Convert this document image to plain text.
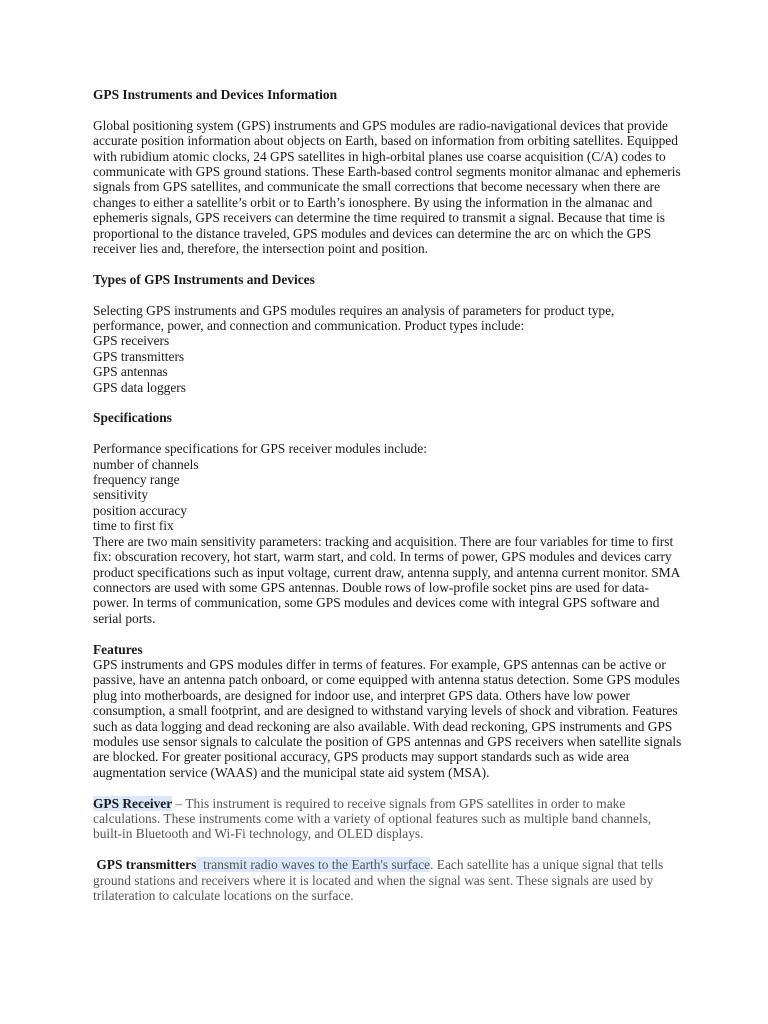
GPS Instruments and Devices Information

Global positioning system (GPS) instruments and GPS modules are radio-navigational devices that provide accurate position information about objects on Earth, based on information from orbiting satellites. Equipped with rubidium atomic clocks, 24 GPS satellites in high-orbital planes use coarse acquisition (C/A) codes to communicate with GPS ground stations. These Earth-based control segments monitor almanac and ephemeris signals from GPS satellites, and communicate the small corrections that become necessary when there are changes to either a satellite’s orbit or to Earth’s ionosphere. By using the information in the almanac and ephemeris signals, GPS receivers can determine the time required to transmit a signal. Because that time is proportional to the distance traveled, GPS modules and devices can determine the arc on which the GPS receiver lies and, therefore, the intersection point and position.

Types of GPS Instruments and Devices

Selecting GPS instruments and GPS modules requires an analysis of parameters for product type, performance, power, and connection and communication. Product types include:

GPS receivers

GPS transmitters

GPS antennas

GPS data loggers

Specifications

Performance specifications for GPS receiver modules include:

number of channels

frequency range

sensitivity

position accuracy

time to first fix

There are two main sensitivity parameters: tracking and acquisition. There are four variables for time to first fix: obscuration recovery, hot start, warm start, and cold. In terms of power, GPS modules and devices carry product specifications such as input voltage, current draw, antenna supply, and antenna current monitor. SMA connectors are used with some GPS antennas. Double rows of low-profile socket pins are used for data-power. In terms of communication, some GPS modules and devices come with integral GPS software and serial ports.

Features

GPS instruments and GPS modules differ in terms of features. For example, GPS antennas can be active or passive, have an antenna patch onboard, or come equipped with antenna status detection. Some GPS modules plug into motherboards, are designed for indoor use, and interpret GPS data. Others have low power consumption, a small footprint, and are designed to withstand varying levels of shock and vibration. Features such as data logging and dead reckoning are also available. With dead reckoning, GPS instruments and GPS modules use sensor signals to calculate the position of GPS antennas and GPS receivers when satellite signals are blocked. For greater positional accuracy, GPS products may support standards such as wide area augmentation service (WAAS) and the municipal state aid system (MSA).

GPS Receiver – This instrument is required to receive signals from GPS satellites in order to make calculations. These instruments come with a variety of optional features such as multiple band channels, built-in Bluetooth and Wi-Fi technology, and OLED displays.

GPS transmitters  transmit radio waves to the Earth's surface. Each satellite has a unique signal that tells ground stations and receivers where it is located and when the signal was sent. These signals are used by trilateration to calculate locations on the surface.
